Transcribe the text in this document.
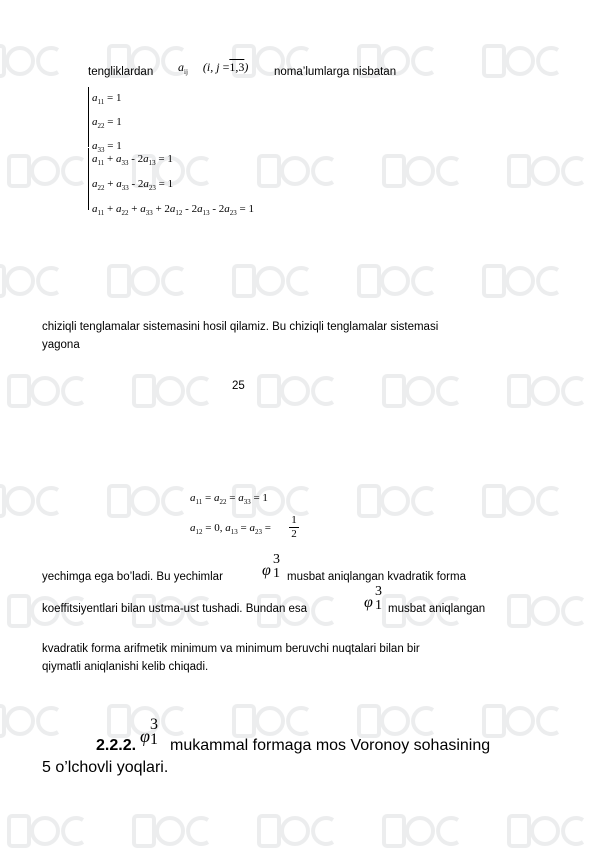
tengliklardan $a_{ij}$     (i, j =1,3) noma’lumlarga nisbatan
$a_{11} = 1$
$a_{22} = 1$
$a_{33} = 1$
$a_{11} + a_{33} - 2a_{13} = 1$
$a_{22} + a_{33} - 2a_{23} = 1$
$a_{11} + a_{22} + a_{33} + 2a_{12} - 2a_{13} - 2a_{23} = 1$
chiziqli tenglamalar sistemasini hosil qilamiz. Bu chiziqli tenglamalar sistemasi
yagona
25
$a_{11} = a_{22} = a_{33} = 1$
$a_{12} = 0$, $a_{13} = a_{23}$ =
1
2
yechimga ega bo’ladi. Bu yechimlar φ
3
1 musbat aniqlangan kvadratik forma
koeffitsiyentlari bilan ustma-ust tushadi. Bundan esa	φ
3
1 musbat aniqlangan
kvadratik forma arifmetik minimum va minimum beruvchi nuqtalari bilan bir
qiymatli aniqlanishi kelib chiqadi.
2.2.2. φ
3
1 mukammal formaga mos Voronoy sohasining
5 o’lchovli yoqlari.
